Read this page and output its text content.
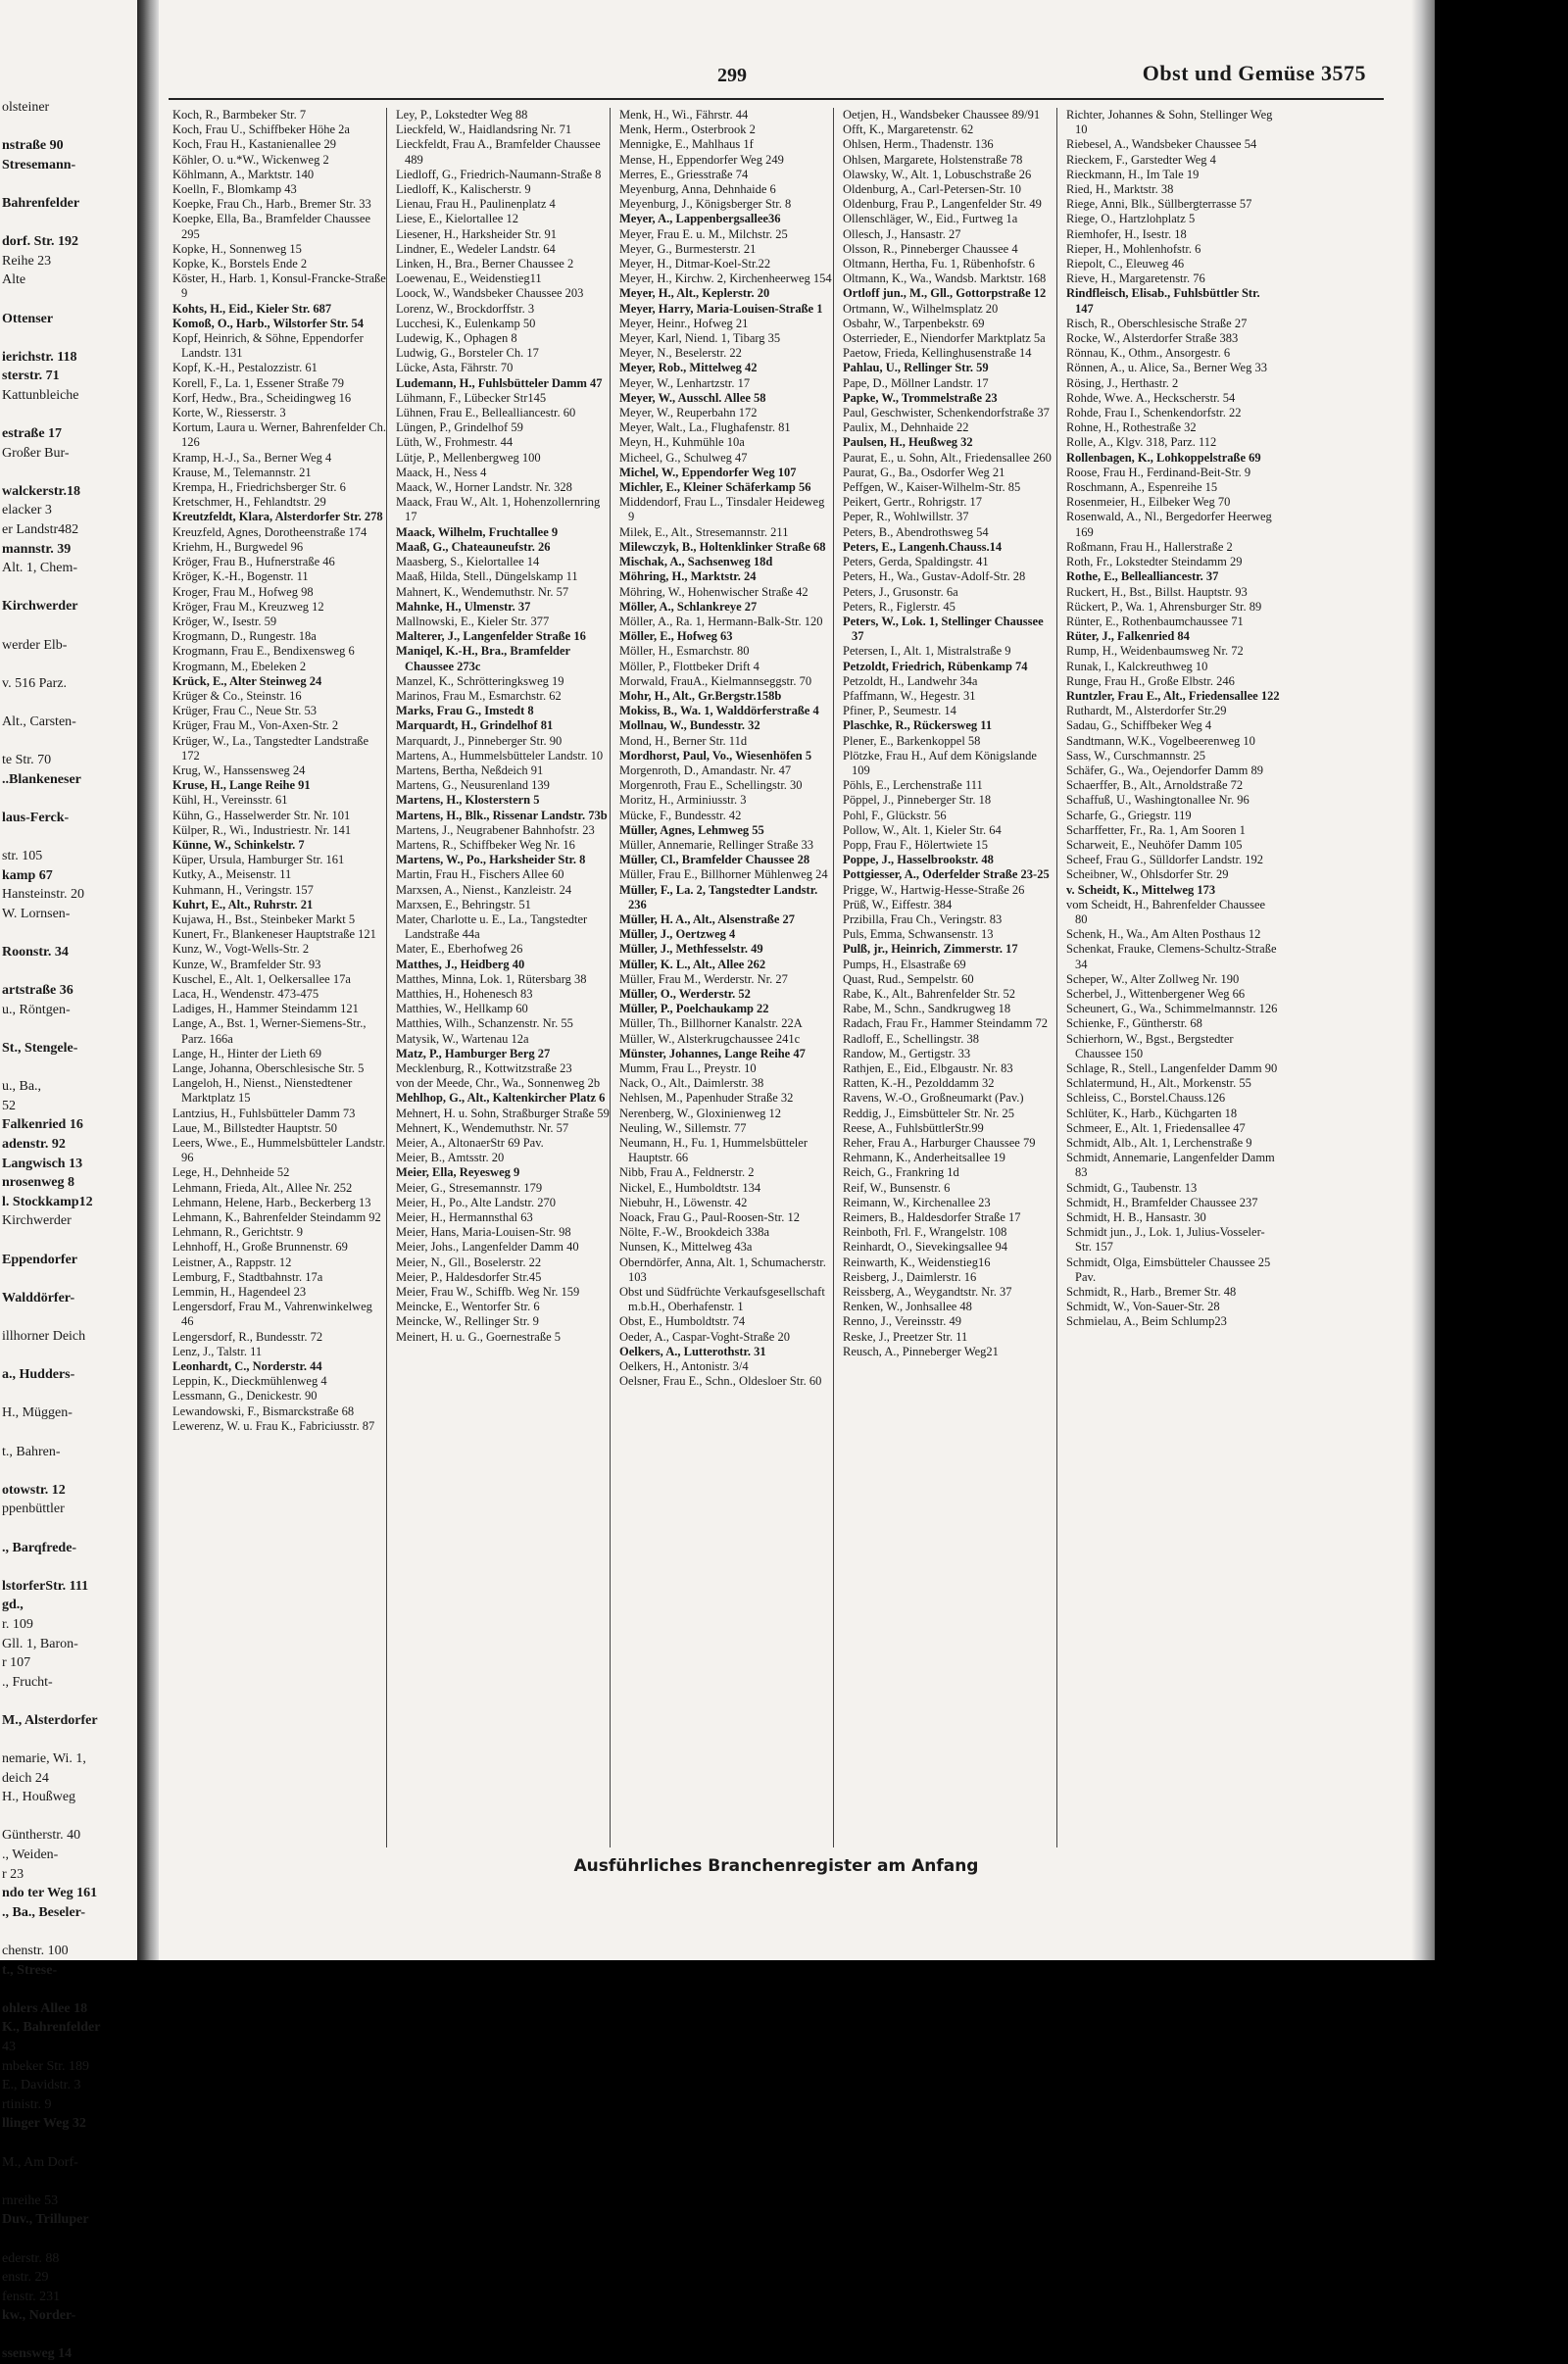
olsteiner
nstraße 90
Stresemann-
Bahrenfelder
dorf. Str. 192
Reihe 23
Alte
Ottenser
ierichstr. 118
sterstr. 71
Kattunbleiche
estraße 17
Großer Bur-
walckerstr.18
elacker 3
er Landstr482
mannstr. 39
Alt. 1, Chem-
Kirchwerder
werder Elb-
v. 516 Parz.
Alt., Carsten-
te Str. 70
..Blankeneser
laus-Ferck-
str. 105
kamp 67
Hansteinstr. 20
W. Lornsen-
Roonstr. 34
artstraße 36
u., Röntgen-
St., Stengele-
u., Ba.,
52
Falkenried 16
adenstr. 92
Langwisch 13
nrosenweg 8
l. Stockkamp12
Kirchwerder
Eppendorfer
Walddörfer-
illhorner Deich
a., Hudders-
H., Müggen-
t., Bahren-
otowstr. 12
ppenbüttler
., Barqfrede-
lstorferStr. 111
gd.,
r. 109
Gll. 1, Baron-
r 107
., Frucht-
M., Alsterdorfer
nemarie, Wi. 1,
deich 24
H., Houßweg
Güntherstr. 40
., Weiden-
r 23
ndo ter Weg 161
., Ba., Beseler-
chenstr. 100
t., Strese-
ohlers Allee 18
K., Bahrenfelder
43
mbeker Str. 189
E., Davidstr. 3
rtinistr. 9
llinger Weg 32
M., Am Dorf-
rnreihe 53
Duv., Trilluper
ederstr. 88
enstr. 29
fenstr. 231
kw., Norder-
ssensweg 14
299	Obst und Gemüse 3575
Koch, R., Barmbeker Str. 7
Koch, Frau U., Schiffbeker Höhe 2a
Koch, Frau H., Kastanienallee 29
Köhler, O. u.*W., Wickenweg 2
Köhlmann, A., Marktstr. 140
Koelln, F., Blomkamp 43
Koepke, Frau Ch., Harb., Bremer Str. 33
Koepke, Ella, Ba., Bramfelder Chaussee 295
Kopke, H., Sonnenweg 15
Kopke, K., Borstels Ende 2
Köster, H., Harb. 1, Konsul-Francke-Straße 9
Kohts, H., Eid., Kieler Str. 687
Komoß, O., Harb., Wilstorfer Str. 54
Kopf, Heinrich, & Söhne, Eppendorfer Landstr. 131
Kopf, K.-H., Pestalozzistr. 61
Korell, F., La. 1, Essener Straße 79
Korf, Hedw., Bra., Scheidingweg 16
Korte, W., Riesserstr. 3
Kortum, Laura u. Werner, Bahrenfelder Ch. 126
Kramp, H.-J., Sa., Berner Weg 4
Krause, M., Telemannstr. 21
Krempa, H., Friedrichsberger Str. 6
Kretschmer, H., Fehlandtstr. 29
Kreutzfeldt, Klara, Alsterdorfer Str. 278
Kreuzfeld, Agnes, Dorotheenstraße 174
Kriehm, H., Burgwedel 96
Kröger, Frau B., Hufnerstraße 46
Kröger, K.-H., Bogenstr. 11
Kroger, Frau M., Hofweg 98
Kröger, Frau M., Kreuzweg 12
Kröger, W., Isestr. 59
Krogmann, D., Rungestr. 18a
Krogmann, Frau E., Bendixensweg 6
Krogmann, M., Ebeleken 2
Krück, E., Alter Steinweg 24
Krüger & Co., Steinstr. 16
Krüger, Frau C., Neue Str. 53
Krüger, Frau M., Von-Axen-Str. 2
Krüger, W., La., Tangstedter Landstraße 172
Krug, W., Hanssensweg 24
Kruse, H., Lange Reihe 91
Kühl, H., Vereinsstr. 61
Kühn, G., Hasselwerder Str. Nr. 101
Külper, R., Wi., Industriestr. Nr. 141
Künne, W., Schinkelstr. 7
Küper, Ursula, Hamburger Str. 161
Kutky, A., Meisenstr. 11
Kuhmann, H., Veringstr. 157
Kuhrt, E., Alt., Ruhrstr. 21
Kujawa, H., Bst., Steinbeker Markt 5
Kunert, Fr., Blankeneser Hauptstraße 121
Kunz, W., Vogt-Wells-Str. 2
Kunze, W., Bramfelder Str. 93
Kuschel, E., Alt. 1, Oelkersallee 17a
Laca, H., Wendenstr. 473-475
Ladiges, H., Hammer Steindamm 121
Lange, A., Bst. 1, Werner-Siemens-Str., Parz. 166a
Lange, H., Hinter der Lieth 69
Lange, Johanna, Oberschlesische Str. 5
Langeloh, H., Nienst., Nienstedtener Marktplatz 15
Lantzius, H., Fuhlsbütteler Damm 73
Laue, M., Billstedter Hauptstr. 50
Leers, Wwe., E., Hummelsbütteler Landstr. 96
Lege, H., Dehnheide 52
Lehmann, Frieda, Alt., Allee Nr. 252
Lehmann, Helene, Harb., Beckerberg 13
Lehmann, K., Bahrenfelder Steindamm 92
Lehmann, R., Gerichtstr. 9
Lehnhoff, H., Große Brunnenstr. 69
Leistner, A., Rappstr. 12
Lemburg, F., Stadtbahnstr. 17a
Lemmin, H., Hagendeel 23
Lengersdorf, Frau M., Vahrenwinkelweg 46
Lengersdorf, R., Bundesstr. 72
Lenz, J., Talstr. 11
Leonhardt, C., Norderstr. 44
Leppin, K., Dieckmühlenweg 4
Lessmann, G., Denickestr. 90
Lewandowski, F., Bismarckstraße 68
Lewerenz, W. u. Frau K., Fabriciusstr. 87
Ley, P., Lokstedter Weg 88
Lieckfeld, W., Haidlandsring Nr. 71
Lieckfeldt, Frau A., Bramfelder Chaussee 489
Liedloff, G., Friedrich-Naumann-Straße 8
Liedloff, K., Kalischerstr. 9
Lienau, Frau H., Paulinenplatz 4
Liese, E., Kielortallee 12
Liesener, H., Harksheider Str. 91
Lindner, E., Wedeler Landstr. 64
Linken, H., Bra., Berner Chaussee 2
Loewenau, E., Weidenstieg11
Loock, W., Wandsbeker Chaussee 203
Lorenz, W., Brockdorffstr. 3
Lucchesi, K., Eulenkamp 50
Ludewig, K., Ophagen 8
Ludwig, G., Borsteler Ch. 17
Lücke, Asta, Fährstr. 70
Ludemann, H., Fuhlsbütteler Damm 47
Lühmann, F., Lübecker Str145
Lühnen, Frau E., Bellealliancestr. 60
Lüngen, P., Grindelhof 59
Lüth, W., Frohmestr. 44
Lütje, P., Mellenbergweg 100
Maack, H., Ness 4
Maack, W., Horner Landstr. Nr. 328
Maack, Frau W., Alt. 1, Hohenzollernring 17
Maack, Wilhelm, Fruchtallee 9
Maaß, G., Chateauneufstr. 26
Maasberg, S., Kielortallee 14
Maaß, Hilda, Stell., Düngelskamp 11
Mahnert, K., Wendemuthstr. Nr. 57
Mahnke, H., Ulmenstr. 37
Mallnowski, E., Kieler Str. 377
Malterer, J., Langenfelder Straße 16
Maniqel, K.-H., Bra., Bramfelder Chaussee 273c
Manzel, K., Schrötteringksweg 19
Marinos, Frau M., Esmarchstr. 62
Marks, Frau G., Imstedt 8
Marquardt, H., Grindelhof 81
Marquardt, J., Pinneberger Str. 90
Martens, A., Hummelsbütteler Landstr. 10
Martens, Bertha, Neßdeich 91
Martens, G., Neusurenland 139
Martens, H., Klosterstern 5
Martens, H., Blk., Rissenar Landstr. 73b
Martens, J., Neugrabener Bahnhofstr. 23
Martens, R., Schiffbeker Weg Nr. 16
Martens, W., Po., Harksheider Str. 8
Martin, Frau H., Fischers Allee 60
Marxsen, A., Nienst., Kanzleistr. 24
Marxsen, E., Behringstr. 51
Mater, Charlotte u. E., La., Tangstedter Landstraße 44a
Mater, E., Eberhofweg 26
Matthes, J., Heidberg 40
Matthes, Minna, Lok. 1, Rütersbarg 38
Matthies, H., Hohenesch 83
Matthies, W., Hellkamp 60
Matthies, Wilh., Schanzenstr. Nr. 55
Matysik, W., Wartenau 12a
Matz, P., Hamburger Berg 27
Mecklenburg, R., Kottwitzstraße 23
von der Meede, Chr., Wa., Sonnenweg 2b
Mehlhop, G., Alt., Kaltenkircher Platz 6
Mehnert, H. u. Sohn, Straßburger Straße 59
Mehnert, K., Wendemuthstr. Nr. 57
Meier, A., AltonaerStr 69 Pav.
Meier, B., Amtsstr. 20
Meier, Ella, Reyesweg 9
Meier, G., Stresemannstr. 179
Meier, H., Po., Alte Landstr. 270
Meier, H., Hermannsthal 63
Meier, Hans, Maria-Louisen-Str. 98
Meier, Johs., Langenfelder Damm 40
Meier, N., Gll., Boselerstr. 22
Meier, P., Haldesdorfer Str.45
Meier, Frau W., Schiffb. Weg Nr. 159
Meincke, E., Wentorfer Str. 6
Meincke, W., Rellinger Str. 9
Meinert, H. u. G., Goernestraße 5
Menk, H., Wi., Fährstr. 44
Menk, Herm., Osterbrook 2
Mennigke, E., Mahlhaus 1f
Mense, H., Eppendorfer Weg 249
Merres, E., Griesstraße 74
Meyenburg, Anna, Dehnhaide 6
Meyenburg, J., Königsberger Str. 8
Meyer, A., Lappenbergsallee36
Meyer, Frau E. u. M., Milchstr. 25
Meyer, G., Burmesterstr. 21
Meyer, H., Ditmar-Koel-Str.22
Meyer, H., Kirchw. 2, Kirchenheerweg 154
Meyer, H., Alt., Keplerstr. 20
Meyer, Harry, Maria-Louisen-Straße 1
Meyer, Heinr., Hofweg 21
Meyer, Karl, Niend. 1, Tibarg 35
Meyer, N., Beselerstr. 22
Meyer, Rob., Mittelweg 42
Meyer, W., Lenhartzstr. 17
Meyer, W., Ausschl. Allee 58
Meyer, W., Reuperbahn 172
Meyer, Walt., La., Flughafenstr. 81
Meyn, H., Kuhmühle 10a
Micheel, G., Schulweg 47
Michel, W., Eppendorfer Weg 107
Michler, E., Kleiner Schäferkamp 56
Middendorf, Frau L., Tinsdaler Heideweg 9
Milek, E., Alt., Stresemannstr. 211
Milewczyk, B., Holtenklinker Straße 68
Mischak, A., Sachsenweg 18d
Möhring, H., Marktstr. 24
Möhring, W., Hohenwischer Straße 42
Möller, A., Schlankreye 27
Möller, A., Ra. 1, Hermann-Balk-Str. 120
Möller, E., Hofweg 63
Möller, H., Esmarchstr. 80
Möller, P., Flottbeker Drift 4
Morwald, FrauA., Kielmannseggstr. 70
Mohr, H., Alt., Gr.Bergstr.158b
Mokiss, B., Wa. 1, Walddörferstraße 4
Mollnau, W., Bundesstr. 32
Mond, H., Berner Str. 11d
Mordhorst, Paul, Vo., Wiesenhöfen 5
Morgenroth, D., Amandastr. Nr. 47
Morgenroth, Frau E., Schellingstr. 30
Moritz, H., Arminiusstr. 3
Mücke, F., Bundesstr. 42
Müller, Agnes, Lehmweg 55
Müller, Annemarie, Rellinger Straße 33
Müller, Cl., Bramfelder Chaussee 28
Müller, Frau E., Billhorner Mühlenweg 24
Müller, F., La. 2, Tangstedter Landstr. 236
Müller, H. A., Alt., Alsenstraße 27
Müller, J., Oertzweg 4
Müller, J., Methfesselstr. 49
Müller, K. L., Alt., Allee 262
Müller, Frau M., Werderstr. Nr. 27
Müller, O., Werderstr. 52
Müller, P., Poelchaukamp 22
Müller, Th., Billhorner Kanalstr. 22A
Müller, W., Alsterkrugchaussee 241c
Münster, Johannes, Lange Reihe 47
Mumm, Frau L., Preystr. 10
Nack, O., Alt., Daimlerstr. 38
Nehlsen, M., Papenhuder Straße 32
Nerenberg, W., Gloxinienweg 12
Neuling, W., Sillemstr. 77
Neumann, H., Fu. 1, Hummelsbütteler Hauptstr. 66
Nibb, Frau A., Feldnerstr. 2
Nickel, E., Humboldtstr. 134
Niebuhr, H., Löwenstr. 42
Noack, Frau G., Paul-Roosen-Str. 12
Nölte, F.-W., Brookdeich 338a
Nunsen, K., Mittelweg 43a
Oberndörfer, Anna, Alt. 1, Schumacherstr. 103
Obst und Südfrüchte Verkaufsgesellschaft m.b.H., Oberhafenstr. 1
Obst, E., Humboldtstr. 74
Oeder, A., Caspar-Voght-Straße 20
Oelkers, A., Lutterothstr. 31
Oelkers, H., Antonistr. 3/4
Oelsner, Frau E., Schn., Oldesloer Str. 60
Oetjen, H., Wandsbeker Chaussee 89/91
Offt, K., Margaretenstr. 62
Ohlsen, Herm., Thadenstr. 136
Ohlsen, Margarete, Holstenstraße 78
Olawsky, W., Alt. 1, Lobuschstraße 26
Oldenburg, A., Carl-Petersen-Str. 10
Oldenburg, Frau P., Langenfelder Str. 49
Ollenschläger, W., Eid., Furtweg 1a
Ollesch, J., Hansastr. 27
Olsson, R., Pinneberger Chaussee 4
Oltmann, Hertha, Fu. 1, Rübenhofstr. 6
Oltmann, K., Wa., Wandsb. Marktstr. 168
Ortloff jun., M., Gll., Gottorpstraße 12
Ortmann, W., Wilhelmsplatz 20
Osbahr, W., Tarpenbekstr. 69
Osterrieder, E., Niendorfer Marktplatz 5a
Paetow, Frieda, Kellinghusenstraße 14
Pahlau, U., Rellinger Str. 59
Pape, D., Möllner Landstr. 17
Papke, W., Trommelstraße 23
Paul, Geschwister, Schenkendorfstraße 37
Paulix, M., Dehnhaide 22
Paulsen, H., Heußweg 32
Paurat, E., u. Sohn, Alt., Friedensallee 260
Paurat, G., Ba., Osdorfer Weg 21
Peffgen, W., Kaiser-Wilhelm-Str. 85
Peikert, Gertr., Rohrigstr. 17
Peper, R., Wohlwillstr. 37
Peters, B., Abendrothsweg 54
Peters, E., Langenh.Chauss.14
Peters, Gerda, Spaldingstr. 41
Peters, H., Wa., Gustav-Adolf-Str. 28
Peters, J., Grusonstr. 6a
Peters, R., Figlerstr. 45
Peters, W., Lok. 1, Stellinger Chaussee 37
Petersen, I., Alt. 1, Mistralstraße 9
Petzoldt, Friedrich, Rübenkamp 74
Petzoldt, H., Landwehr 34a
Pfaffmann, W., Hegestr. 31
Pfiner, P., Seumestr. 14
Plaschke, R., Rückersweg 11
Plener, E., Barkenkoppel 58
Plötzke, Frau H., Auf dem Königslande 109
Pöhls, E., Lerchenstraße 111
Pöppel, J., Pinneberger Str. 18
Pohl, F., Glückstr. 56
Pollow, W., Alt. 1, Kieler Str. 64
Popp, Frau F., Hölertwiete 15
Poppe, J., Hasselbrookstr. 48
Pottgiesser, A., Oderfelder Straße 23-25
Prigge, W., Hartwig-Hesse-Straße 26
Prüß, W., Eiffestr. 384
Przibilla, Frau Ch., Veringstr. 83
Puls, Emma, Schwansenstr. 13
Pulß, jr., Heinrich, Zimmerstr. 17
Pumps, H., Elsastraße 69
Quast, Rud., Sempelstr. 60
Rabe, K., Alt., Bahrenfelder Str. 52
Rabe, M., Schn., Sandkrugweg 18
Radach, Frau Fr., Hammer Steindamm 72
Radloff, E., Schellingstr. 38
Randow, M., Gertigstr. 33
Rathjen, E., Eid., Elbgaustr. Nr. 83
Ratten, K.-H., Pezolddamm 32
Ravens, W.-O., Großneumarkt (Pav.)
Reddig, J., Eimsbütteler Str. Nr. 25
Reese, A., FuhlsbüttlerStr.99
Reher, Frau A., Harburger Chaussee 79
Rehmann, K., Anderheitsallee 19
Reich, G., Frankring 1d
Reif, W., Bunsenstr. 6
Reimann, W., Kirchenallee 23
Reimers, B., Haldesdorfer Straße 17
Reinboth, Frl. F., Wrangelstr. 108
Reinhardt, O., Sievekingsallee 94
Reinwarth, K., Weidenstieg16
Reisberg, J., Daimlerstr. 16
Reissberg, A., Weygandtstr. Nr. 37
Renken, W., Jonhsallee 48
Renno, J., Vereinsstr. 49
Reske, J., Preetzer Str. 11
Reusch, A., Pinneberger Weg21
Richter, Johannes & Sohn, Stellinger Weg 10
Riebesel, A., Wandsbeker Chaussee 54
Rieckem, F., Garstedter Weg 4
Rieckmann, H., Im Tale 19
Ried, H., Marktstr. 38
Riege, Anni, Blk., Süllbergterrasse 57
Riege, O., Hartzlohplatz 5
Riemhofer, H., Isestr. 18
Rieper, H., Mohlenhofstr. 6
Riepolt, C., Eleuweg 46
Rieve, H., Margaretenstr. 76
Rindfleisch, Elisab., Fuhlsbüttler Str. 147
Risch, R., Oberschlesische Straße 27
Rocke, W., Alsterdorfer Straße 383
Rönnau, K., Othm., Ansorgestr. 6
Rönnen, A., u. Alice, Sa., Berner Weg 33
Rösing, J., Herthastr. 2
Rohde, Wwe. A., Heckscherstr. 54
Rohde, Frau I., Schenkendorfstr. 22
Rohne, H., Rothestraße 32
Rolle, A., Klgv. 318, Parz. 112
Rollenbagen, K., Lohkoppelstraße 69
Roose, Frau H., Ferdinand-Beit-Str. 9
Roschmann, A., Espenreihe 15
Rosenmeier, H., Eilbeker Weg 70
Rosenwald, A., Nl., Bergedorfer Heerweg 169
Roßmann, Frau H., Hallerstraße 2
Roth, Fr., Lokstedter Steindamm 29
Rothe, E., Bellealliancestr. 37
Ruckert, H., Bst., Billst. Hauptstr. 93
Rückert, P., Wa. 1, Ahrensburger Str. 89
Rünter, E., Rothenbaumchaussee 71
Rüter, J., Falkenried 84
Rump, H., Weidenbaumsweg Nr. 72
Runak, I., Kalckreuthweg 10
Runge, Frau H., Große Elbstr. 246
Runtzler, Frau E., Alt., Friedensallee 122
Ruthardt, M., Alsterdorfer Str.29
Sadau, G., Schiffbeker Weg 4
Sandtmann, W.K., Vogelbeerenweg 10
Sass, W., Curschmannstr. 25
Schäfer, G., Wa., Oejendorfer Damm 89
Schaerffer, B., Alt., Arnoldstraße 72
Schaffuß, U., Washingtonallee Nr. 96
Scharfe, G., Griegstr. 119
Scharffetter, Fr., Ra. 1, Am Sooren 1
Scharweit, E., Neuhöfer Damm 105
Scheef, Frau G., Sülldorfer Landstr. 192
Scheibner, W., Ohlsdorfer Str. 29
v. Scheidt, K., Mittelweg 173
vom Scheidt, H., Bahrenfelder Chaussee 80
Schenk, H., Wa., Am Alten Posthaus 12
Schenkat, Frauke, Clemens-Schultz-Straße 34
Scheper, W., Alter Zollweg Nr. 190
Scherbel, J., Wittenbergener Weg 66
Scheunert, G., Wa., Schimmelmannstr. 126
Schienke, F., Güntherstr. 68
Schierhorn, W., Bgst., Bergstedter Chaussee 150
Schlage, R., Stell., Langenfelder Damm 90
Schlatermund, H., Alt., Morkenstr. 55
Schleiss, C., Borstel.Chauss.126
Schlüter, K., Harb., Küchgarten 18
Schmeer, E., Alt. 1, Friedensallee 47
Schmidt, Alb., Alt. 1, Lerchenstraße 9
Schmidt, Annemarie, Langenfelder Damm 83
Schmidt, G., Taubenstr. 13
Schmidt, H., Bramfelder Chaussee 237
Schmidt, H. B., Hansastr. 30
Schmidt jun., J., Lok. 1, Julius-Vosseler-Str. 157
Schmidt, Olga, Eimsbütteler Chaussee 25 Pav.
Schmidt, R., Harb., Bremer Str. 48
Schmidt, W., Von-Sauer-Str. 28
Schmielau, A., Beim Schlump23
Ausführliches Branchenregister am Anfang
